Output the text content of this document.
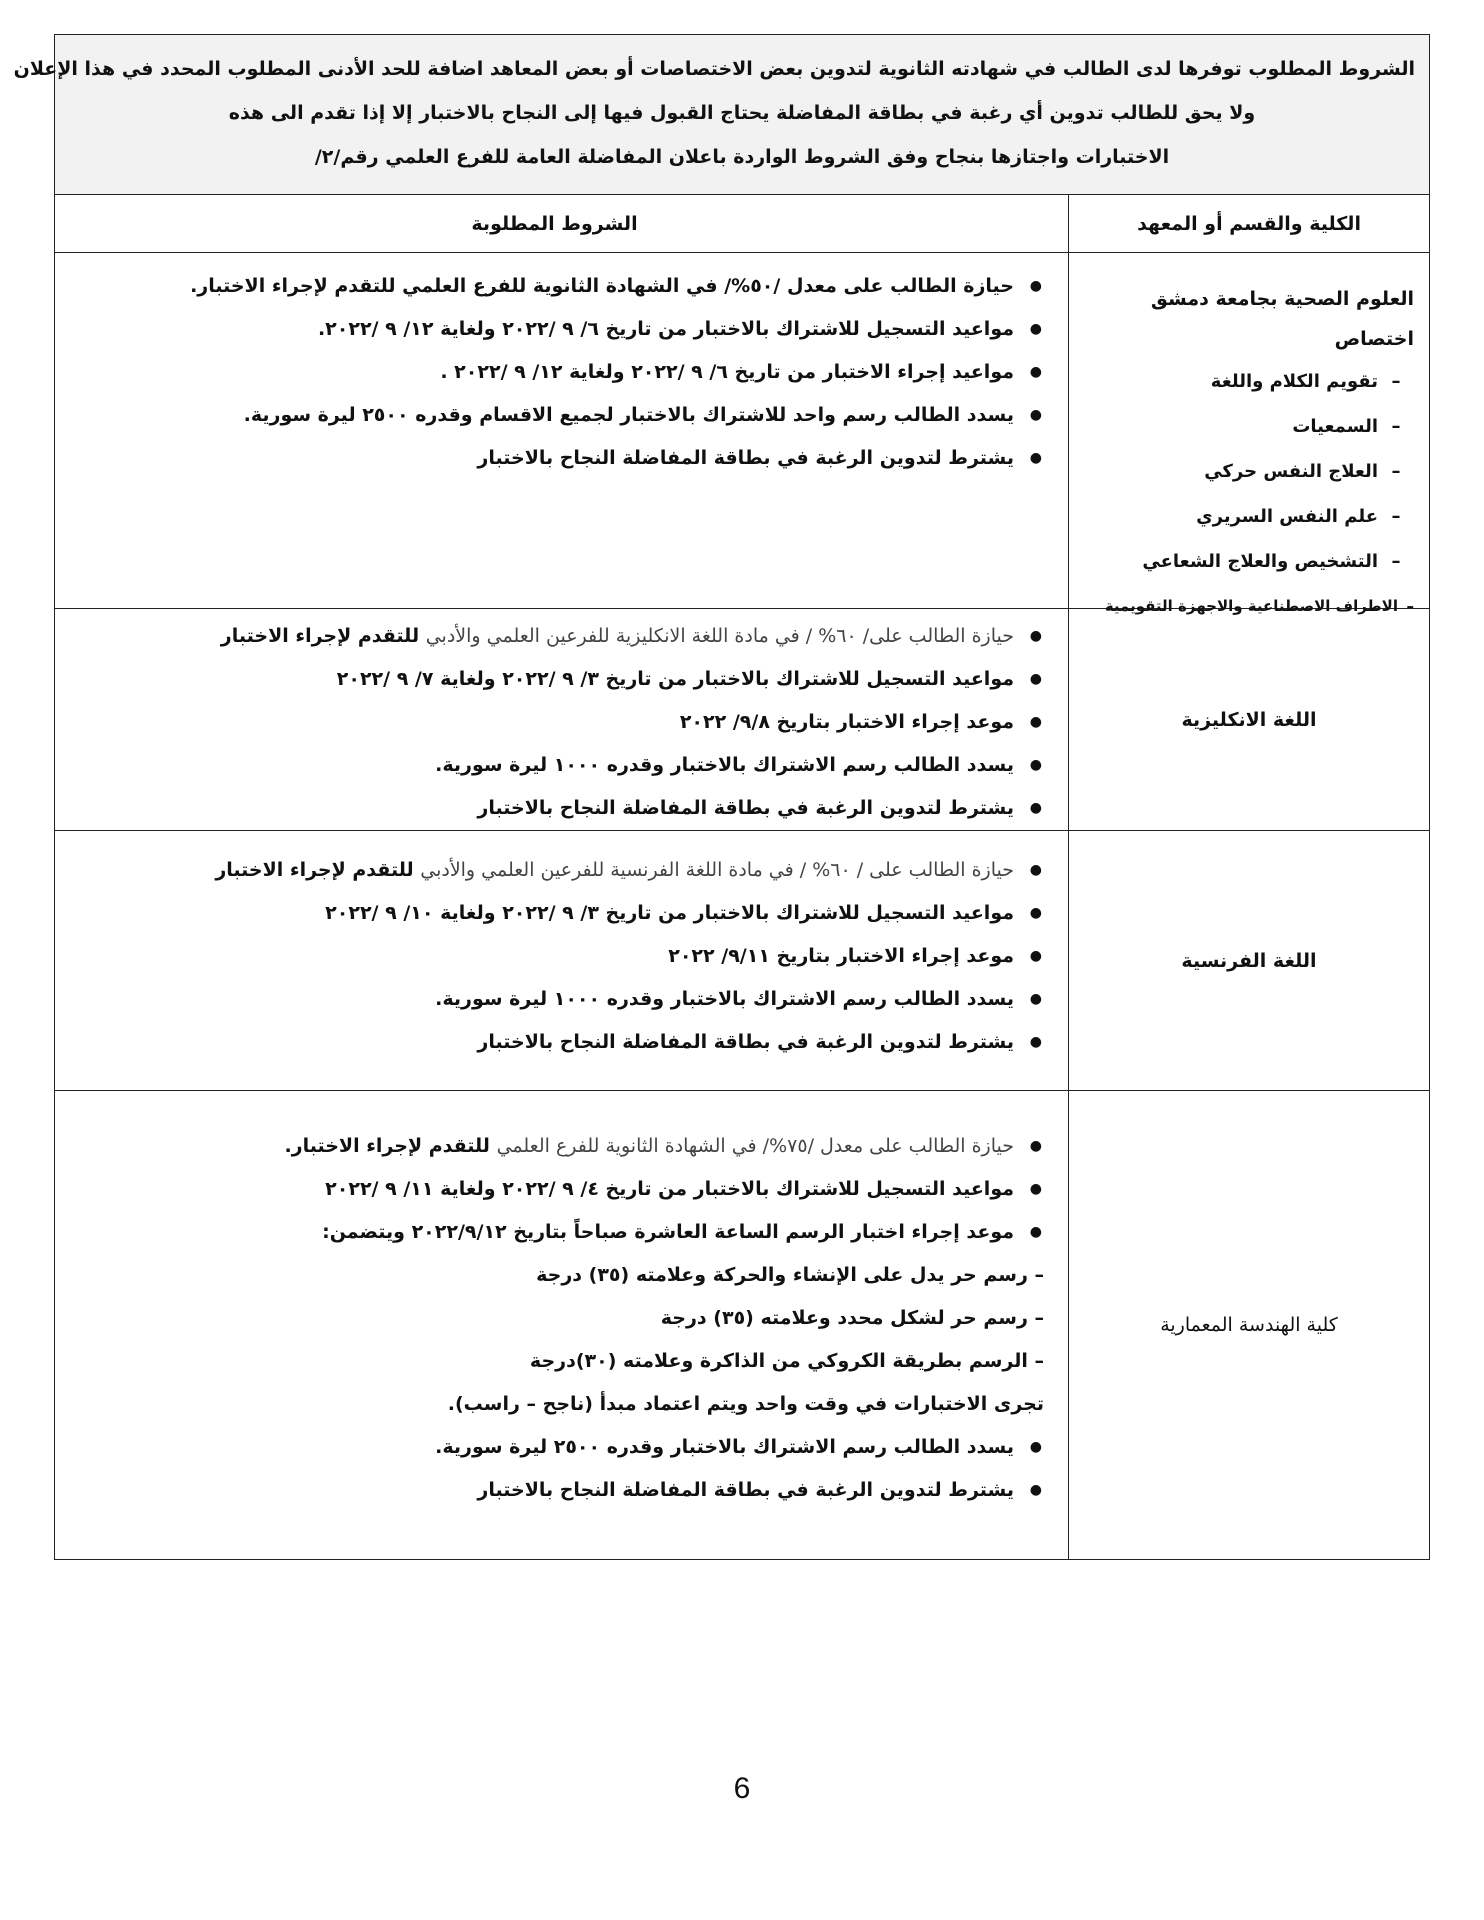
الشروط المطلوب توفرها لدى الطالب في شهادته الثانوية لتدوين بعض الاختصاصات أو بعض المعاهد اضافة للحد الأدنى المطلوب المحدد في هذا الإعلان
ولا يحق للطالب تدوين أي رغبة في بطاقة المفاضلة يحتاج القبول فيها إلى النجاح بالاختبار إلا إذا تقدم الى هذه
الاختبارات واجتازها بنجاح وفق الشروط الواردة باعلان المفاضلة العامة للفرع العلمي رقم/٢/
الكلية والقسم أو المعهد
الشروط المطلوبة
العلوم الصحية بجامعة دمشق اختصاص
–تقويم الكلام واللغة
–السمعيات
–العلاج النفس حركي
–علم النفس السريري
–التشخيص والعلاج الشعاعي
–الاطراف الاصطناعية والاجهزة التقويمية
● حيازة الطالب على معدل /٥٠%/ في الشهادة الثانوية للفرع العلمي للتقدم لإجراء الاختبار.
● مواعيد التسجيل للاشتراك بالاختبار من تاريخ ٦/ ٩ /٢٠٢٢ ولغاية ١٢/ ٩ /٢٠٢٢.
● مواعيد إجراء الاختبار من تاريخ ٦/ ٩ /٢٠٢٢ ولغاية ١٢/ ٩ /٢٠٢٢ .
● يسدد الطالب رسم واحد للاشتراك بالاختبار لجميع الاقسام وقدره ٢٥٠٠ ليرة سورية.
● يشترط لتدوين الرغبة في بطاقة المفاضلة النجاح بالاختبار
اللغة الانكليزية
● حيازة الطالب على/ ٦٠% / في مادة اللغة الانكليزية للفرعين العلمي والأدبي للتقدم لإجراء الاختبار
● مواعيد التسجيل للاشتراك بالاختبار من تاريخ ٣/ ٩ /٢٠٢٢ ولغاية ٧/ ٩ /٢٠٢٢
● موعد إجراء الاختبار بتاريخ ٩/٨/ ٢٠٢٢
● يسدد الطالب رسم الاشتراك بالاختبار وقدره ١٠٠٠ ليرة سورية.
● يشترط لتدوين الرغبة في بطاقة المفاضلة النجاح بالاختبار
اللغة الفرنسية
● حيازة الطالب على / ٦٠% / في مادة اللغة الفرنسية للفرعين العلمي والأدبي للتقدم لإجراء الاختبار
● مواعيد التسجيل للاشتراك بالاختبار من تاريخ ٣/ ٩ /٢٠٢٢ ولغاية ١٠/ ٩ /٢٠٢٢
● موعد إجراء الاختبار بتاريخ ٩/١١/ ٢٠٢٢
● يسدد الطالب رسم الاشتراك بالاختبار وقدره ١٠٠٠ ليرة سورية.
● يشترط لتدوين الرغبة في بطاقة المفاضلة النجاح بالاختبار
كلية الهندسة المعمارية
● حيازة الطالب على معدل /٧٥%/ في الشهادة الثانوية للفرع العلمي للتقدم لإجراء الاختبار.
● مواعيد التسجيل للاشتراك بالاختبار من تاريخ ٤/ ٩ /٢٠٢٢ ولغاية ١١/ ٩ /٢٠٢٢
● موعد إجراء اختبار الرسم الساعة العاشرة صباحاً بتاريخ ٢٠٢٢/٩/١٢ ويتضمن:
– رسم حر يدل على الإنشاء والحركة وعلامته (٣٥) درجة
– رسم حر لشكل محدد وعلامته (٣٥) درجة
– الرسم بطريقة الكروكي من الذاكرة وعلامته (٣٠)درجة
تجرى الاختبارات في وقت واحد ويتم اعتماد مبدأ (ناجح – راسب).
● يسدد الطالب رسم الاشتراك بالاختبار وقدره ٢٥٠٠ ليرة سورية.
● يشترط لتدوين الرغبة في بطاقة المفاضلة النجاح بالاختبار
6
